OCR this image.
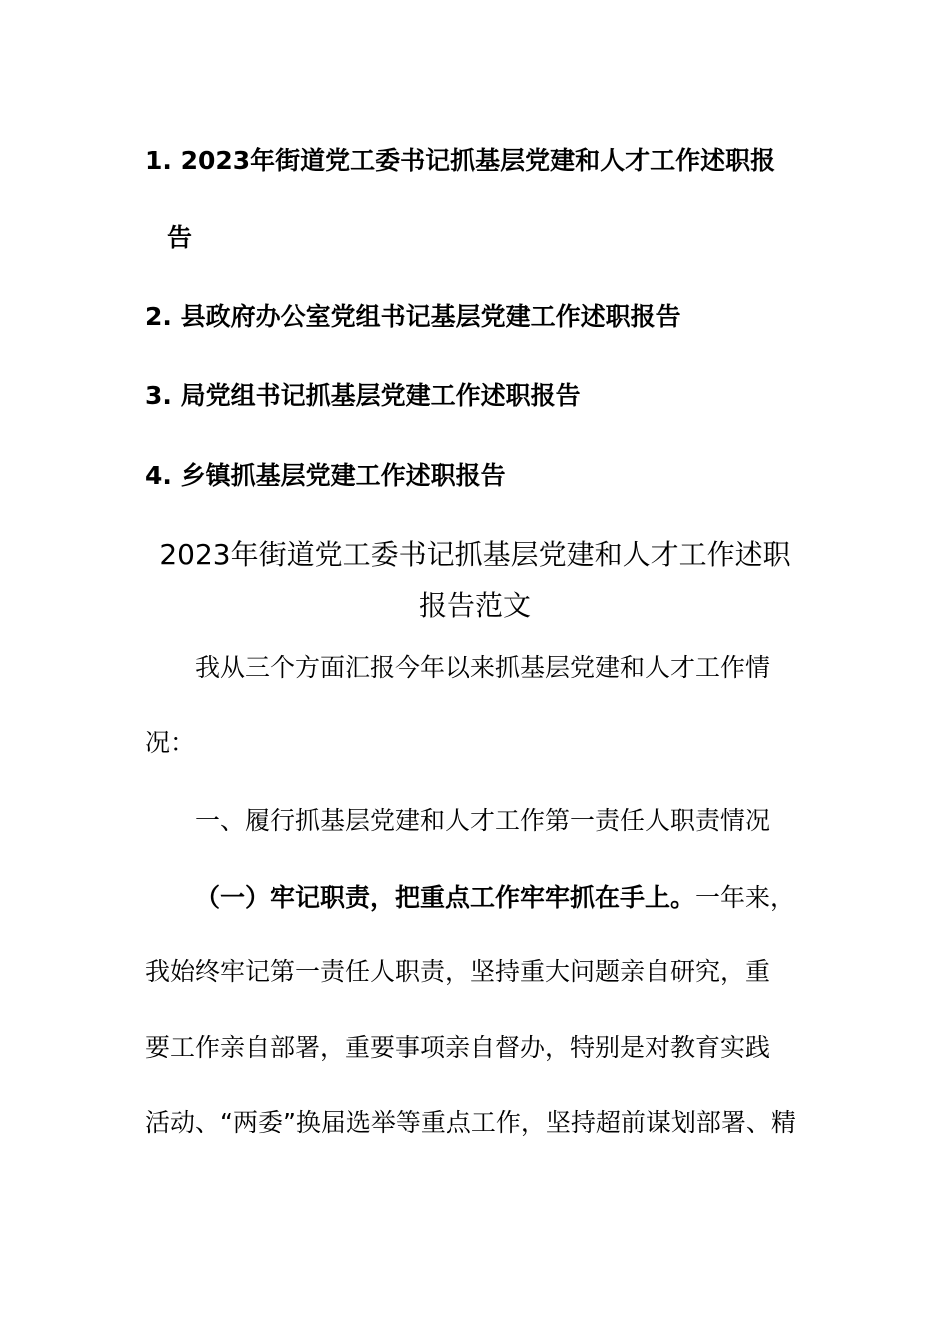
1. 2023年街道党工委书记抓基层党建和人才工作述职报
告
2. 县政府办公室党组书记基层党建工作述职报告
3. 局党组书记抓基层党建工作述职报告
4. 乡镇抓基层党建工作述职报告
2023年街道党工委书记抓基层党建和人才工作述职
报告范文
我从三个方面汇报今年以来抓基层党建和人才工作情
况：
一、履行抓基层党建和人才工作第一责任人职责情况
（一）牢记职责，把重点工作牢牢抓在手上。一年来，
我始终牢记第一责任人职责，坚持重大问题亲自研究，重
要工作亲自部署，重要事项亲自督办，特别是对教育实践
活动、“两委”换届选举等重点工作，坚持超前谋划部署、精
